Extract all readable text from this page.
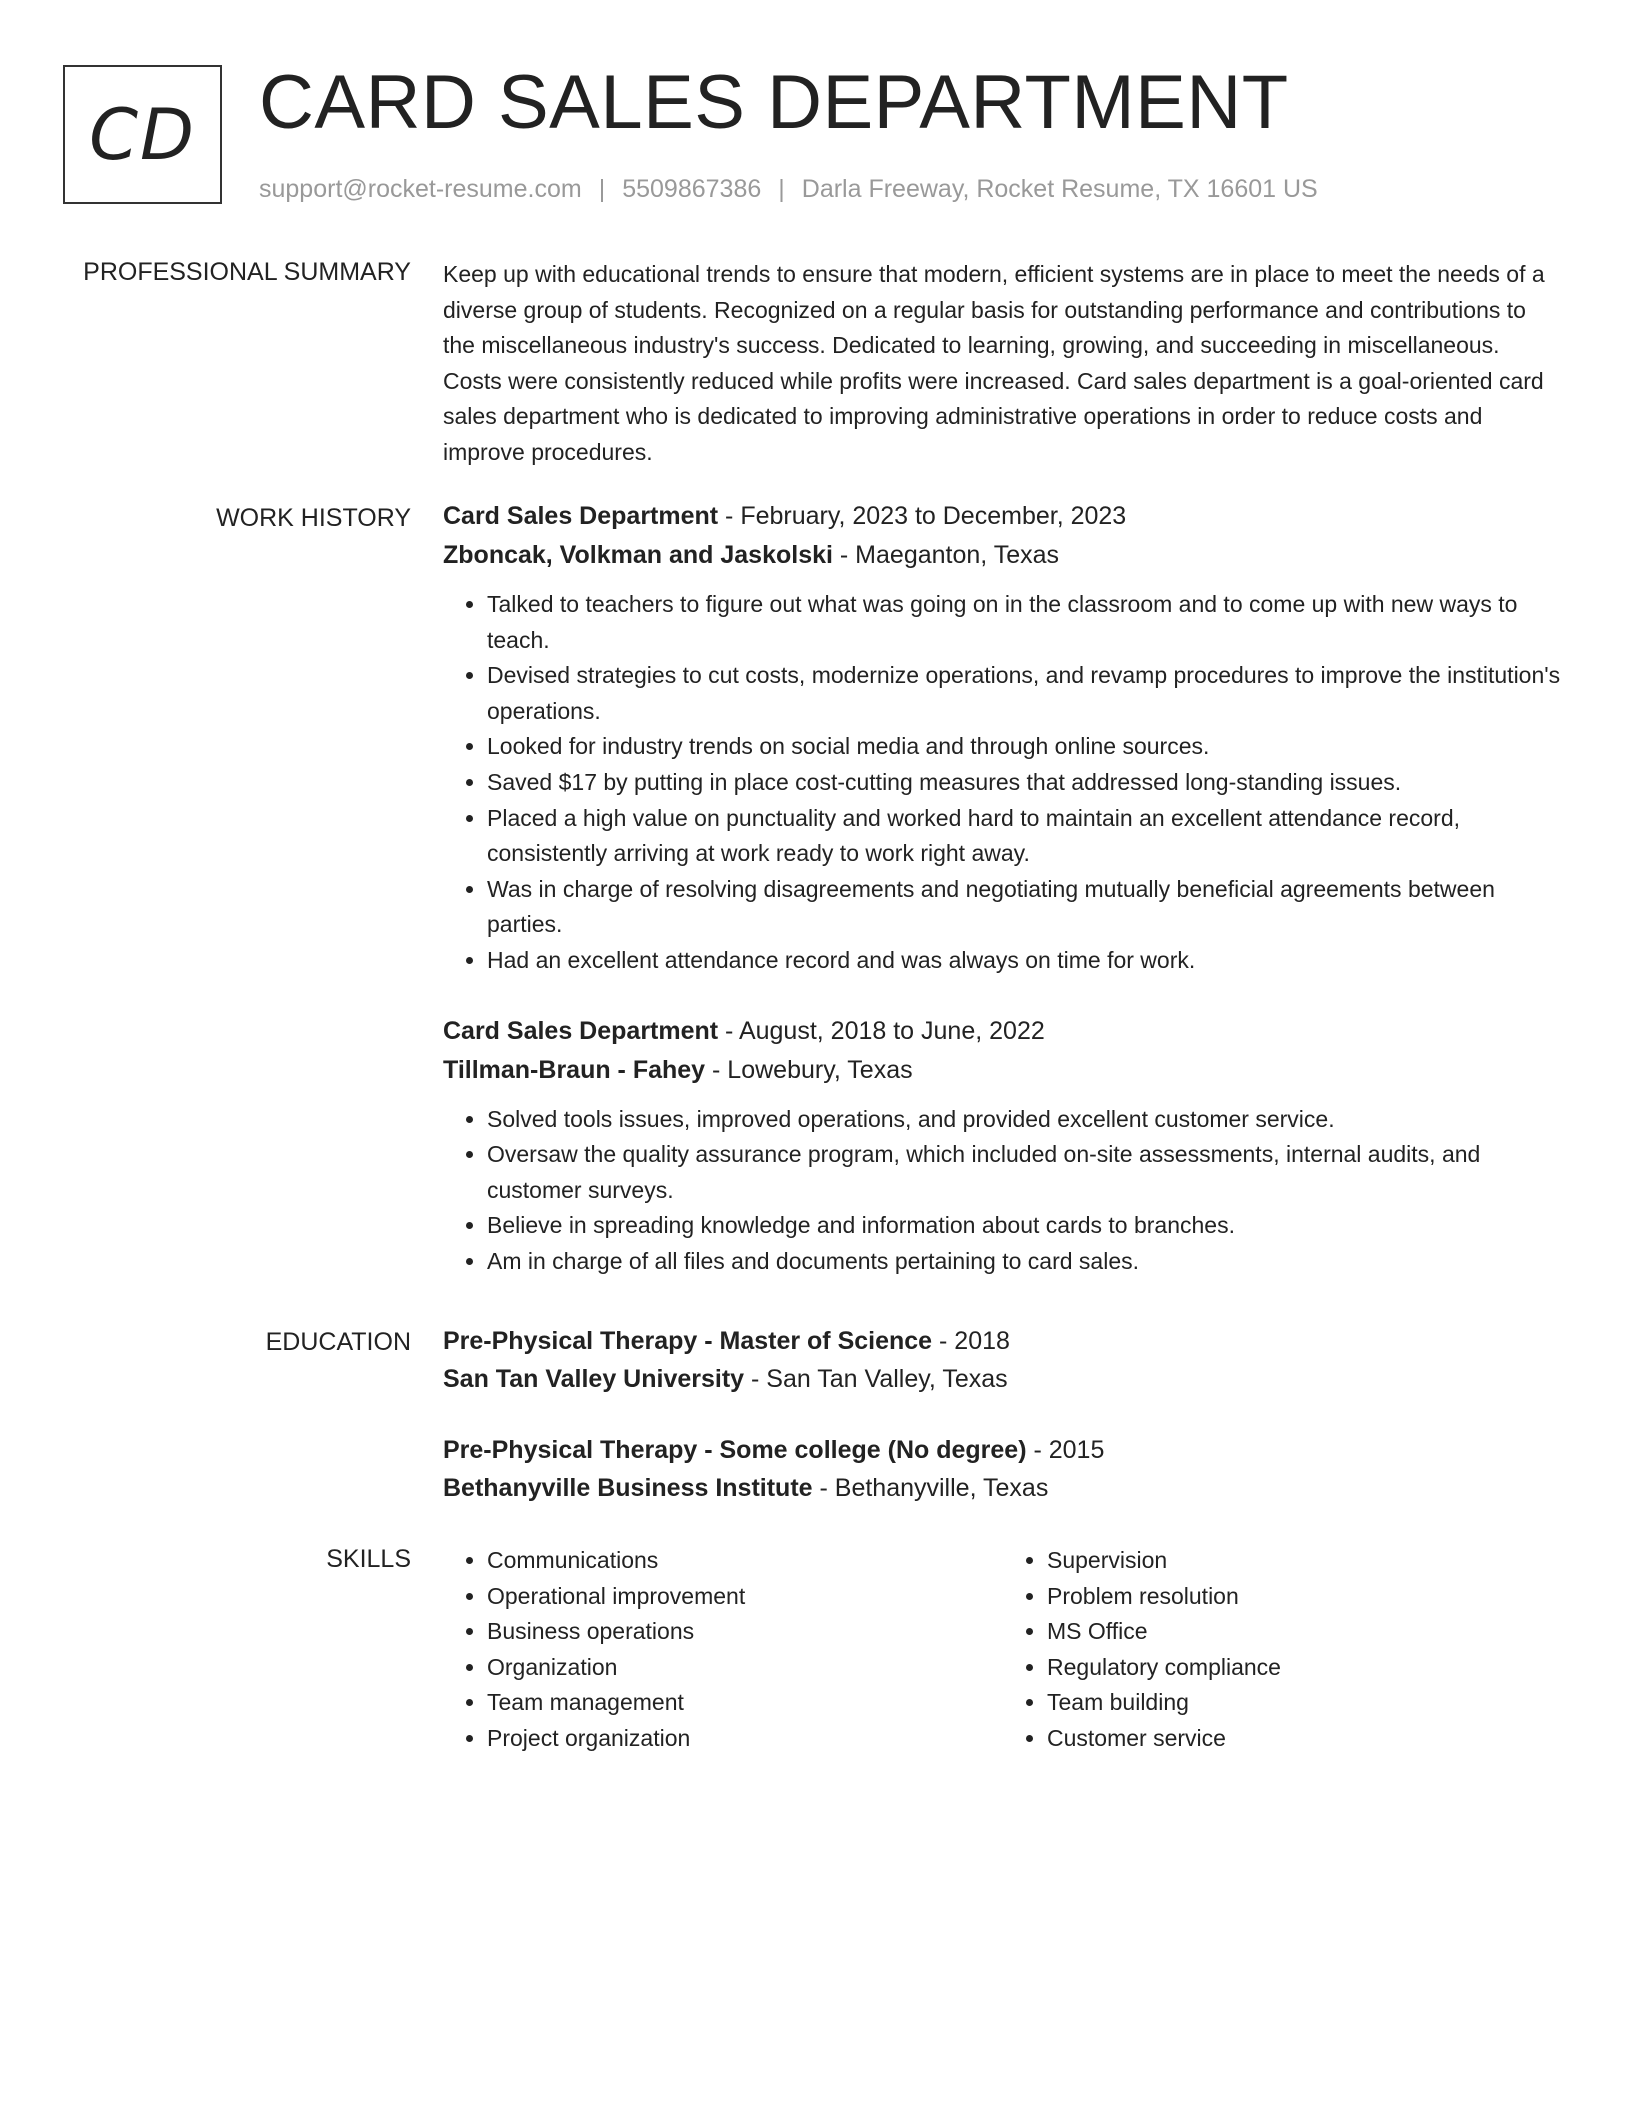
CD CARD SALES DEPARTMENT
support@rocket-resume.com | 5509867386 | Darla Freeway, Rocket Resume, TX 16601 US
PROFESSIONAL SUMMARY Keep up with educational trends to ensure that modern, efficient systems are in place to meet the needs of a diverse group of students. Recognized on a regular basis for outstanding performance and contributions to the miscellaneous industry's success. Dedicated to learning, growing, and succeeding in miscellaneous. Costs were consistently reduced while profits were increased. Card sales department is a goal-oriented card sales department who is dedicated to improving administrative operations in order to reduce costs and improve procedures.

WORK HISTORY Card Sales Department - February, 2023 to December, 2023
Zboncak, Volkman and Jaskolski - Maeganton, Texas
• Talked to teachers to figure out what was going on in the classroom and to come up with new ways to teach.
• Devised strategies to cut costs, modernize operations, and revamp procedures to improve the institution's operations.
• Looked for industry trends on social media and through online sources.
• Saved $17 by putting in place cost-cutting measures that addressed long-standing issues.
• Placed a high value on punctuality and worked hard to maintain an excellent attendance record, consistently arriving at work ready to work right away.
• Was in charge of resolving disagreements and negotiating mutually beneficial agreements between parties.
• Had an excellent attendance record and was always on time for work.
Card Sales Department - August, 2018 to June, 2022
Tillman-Braun - Fahey - Lowebury, Texas
• Solved tools issues, improved operations, and provided excellent customer service.
• Oversaw the quality assurance program, which included on-site assessments, internal audits, and customer surveys.
• Believe in spreading knowledge and information about cards to branches.
• Am in charge of all files and documents pertaining to card sales.
EDUCATION Pre-Physical Therapy - Master of Science - 2018
San Tan Valley University - San Tan Valley, Texas
Pre-Physical Therapy - Some college (No degree) - 2015
Bethanyville Business Institute - Bethanyville, Texas
SKILLS
•	Communications
• Operational improvement
• Business operations
• Organization
• Team management
• Project organization
• Supervision
• Problem resolution
• MS Office
• Regulatory compliance
• Team building
• Customer service
